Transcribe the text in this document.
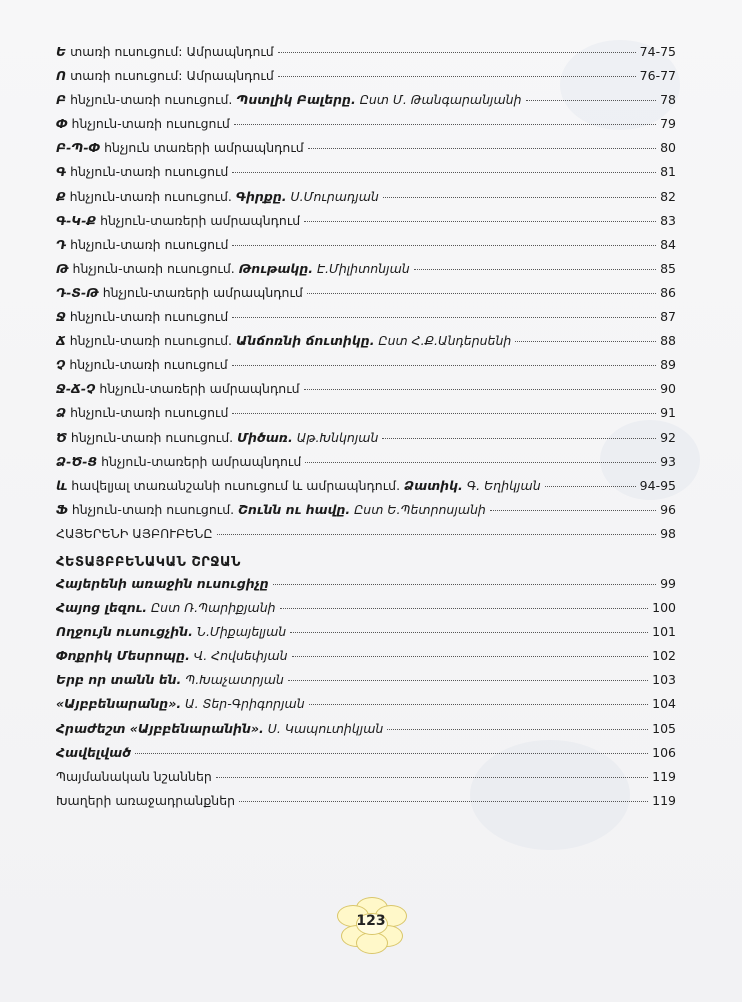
Ե տառի ուսուցում: Ամրապնդում	74-75
Ո տառի ուսուցում: Ամրապնդում	76-77
Բ հնչյուն-տառի ուսուցում. Պստլիկ Բալերը. Ըստ Մ. Թանգարանյանի	78
Փ հնչյուն-տառի ուսուցում	79
Բ-Պ-Փ հնչյուն տառերի ամրապնդում	80
Գ հնչյուն-տառի ուսուցում	81
Ք հնչյուն-տառի ուսուցում. Գիրքը. Ս.Մուրադյան	82
Գ-Կ-Ք հնչյուն-տառերի ամրապնդում	83
Դ հնչյուն-տառի ուսուցում	84
Թ հնչյուն-տառի ուսուցում. Թութակը. Է.Միլիտոնյան	85
Դ-Տ-Թ հնչյուն-տառերի ամրապնդում	86
Ջ հնչյուն-տառի ուսուցում	87
Ճ հնչյուն-տառի ուսուցում. Անճոռնի ճուտիկը. Ըստ Հ.Ք.Անդերսենի	88
Չ հնչյուն-տառի ուսուցում	89
Ջ-Ճ-Չ հնչյուն-տառերի ամրապնդում	90
Ձ հնչյուն-տառի ուսուցում	91
Ծ հնչյուն-տառի ուսուցում. Միծառ. Աթ.Խնկոյան	92
Ձ-Ծ-Ց հնչյուն-տառերի ամրապնդում	93
և հավելյալ տառանշանի ուսուցում և ամրապնդում. Ձատիկ. Գ. Եղիկյան	94-95
Ֆ հնչյուն-տառի ուսուցում. Շունն ու հավը. Ըստ Ե.Պետրոսյանի	96
ՀԱՅԵՐԵՆԻ ԱՅԲՈՒԲԵՆԸ	98
ՀԵՏԱՅԲԲԵՆԱԿԱՆ ՇՐՋԱՆ
Հայերենի առաջին ուսուցիչը	99
Հայոց լեզու. Ըստ Ռ.Պարիքյանի	100
Ողջույն ուսուցչին. Ն.Միքայելյան	101
Փոքրիկ Մեսրոպը. Վ. Հովսեփյան	102
Երբ որ տանն են. Պ.Խաչատրյան	103
«Այբբենարանը». Ա. Տեր-Գրիգորյան	104
Հրաժեշտ «Այբբենարանին». Ս. Կապուտիկյան	105
Հավելված	106
Պայմանական նշաններ	119
Խաղերի առաջադրանքներ	119
123
